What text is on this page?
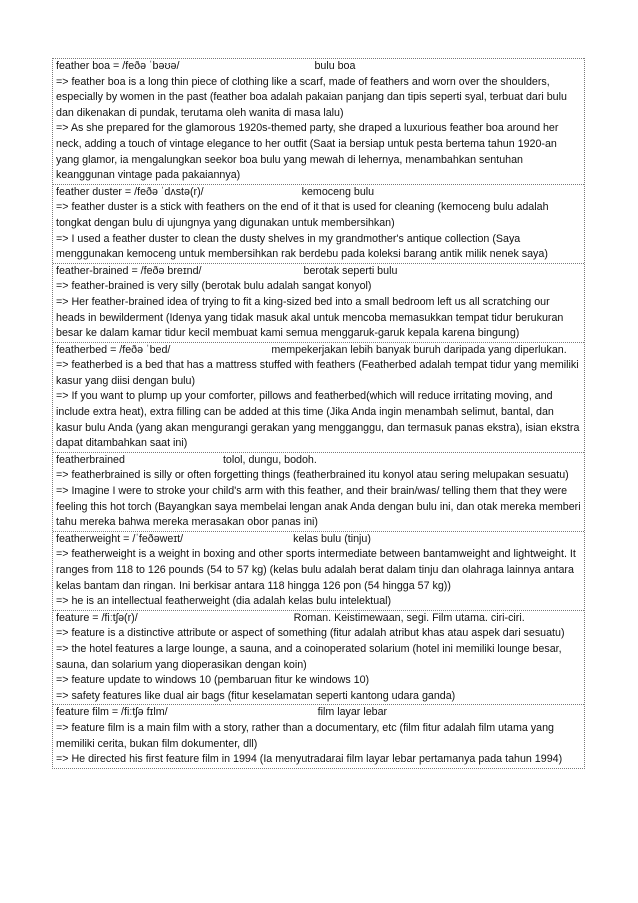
feather boa = /feðə ˈbəʊə/	bulu boa
=> feather boa is a long thin piece of clothing like a scarf, made of feathers and worn over the shoulders, especially by women in the past (feather boa adalah pakaian panjang dan tipis seperti syal, terbuat dari bulu dan dikenakan di pundak, terutama oleh wanita di masa lalu)
=> As she prepared for the glamorous 1920s-themed party, she draped a luxurious feather boa around her neck, adding a touch of vintage elegance to her outfit (Saat ia bersiap untuk pesta bertema tahun 1920-an yang glamor, ia mengalungkan seekor boa bulu yang mewah di lehernya, menambahkan sentuhan keanggunan vintage pada pakaiannya)
feather duster = /feðə ˈdʌstə(r)/	kemoceng bulu
=> feather duster is a stick with feathers on the end of it that is used for cleaning (kemoceng bulu adalah tongkat dengan bulu di ujungnya yang digunakan untuk membersihkan)
=> I used a feather duster to clean the dusty shelves in my grandmother's antique collection (Saya menggunakan kemoceng untuk membersihkan rak berdebu pada koleksi barang antik milik nenek saya)
feather-brained = /feðə breɪnd/	berotak seperti bulu
=> feather-brained is very silly (berotak bulu adalah sangat konyol)
=> Her feather-brained idea of trying to fit a king-sized bed into a small bedroom left us all scratching our heads in bewilderment (Idenya yang tidak masuk akal untuk mencoba memasukkan tempat tidur berukuran besar ke dalam kamar tidur kecil membuat kami semua menggaruk-garuk kepala karena bingung)
featherbed = /feðə ˈbed/	mempekerjakan lebih banyak buruh daripada yang diperlukan.
=> featherbed is a bed that has a mattress stuffed with feathers (Featherbed adalah tempat tidur yang memiliki kasur yang diisi dengan bulu)
=> If you want to plump up your comforter, pillows and featherbed(which will reduce irritating moving, and include extra heat), extra filling can be added at this time (Jika Anda ingin menambah selimut, bantal, dan kasur bulu Anda (yang akan mengurangi gerakan yang mengganggu, dan termasuk panas ekstra), isian ekstra dapat ditambahkan saat ini)
featherbrained	tolol, dungu, bodoh.
=> featherbrained is silly or often forgetting things (featherbrained itu konyol atau sering melupakan sesuatu)
=> Imagine I were to stroke your child's arm with this feather, and their brain/was/ telling them that they were feeling this hot torch (Bayangkan saya membelai lengan anak Anda dengan bulu ini, dan otak mereka memberi tahu mereka bahwa mereka merasakan obor panas ini)
featherweight = /ˈfeðəweɪt/	kelas bulu (tinju)
=> featherweight is a weight in boxing and other sports intermediate between bantamweight and lightweight. It ranges from 118 to 126 pounds (54 to 57 kg) (kelas bulu adalah berat dalam tinju dan olahraga lainnya antara kelas bantam dan ringan. Ini berkisar antara 118 hingga 126 pon (54 hingga 57 kg))
=> he is an intellectual featherweight (dia adalah kelas bulu intelektual)
feature = /fiːtʃə(r)/	Roman. Keistimewaan, segi. Film utama. ciri-ciri.
=> feature is a distinctive attribute or aspect of something (fitur adalah atribut khas atau aspek dari sesuatu)
=> the hotel features a large lounge, a sauna, and a coinoperated solarium (hotel ini memiliki lounge besar, sauna, dan solarium yang dioperasikan dengan koin)
=> feature update to windows 10 (pembaruan fitur ke windows 10)
=> safety features like dual air bags (fitur keselamatan seperti kantong udara ganda)
feature film = /fiːtʃə fɪlm/	film layar lebar
=> feature film is a main film with a story, rather than a documentary, etc (film fitur adalah film utama yang memiliki cerita, bukan film dokumenter, dll)
=> He directed his first feature film in 1994 (Ia menyutradarai film layar lebar pertamanya pada tahun 1994)
